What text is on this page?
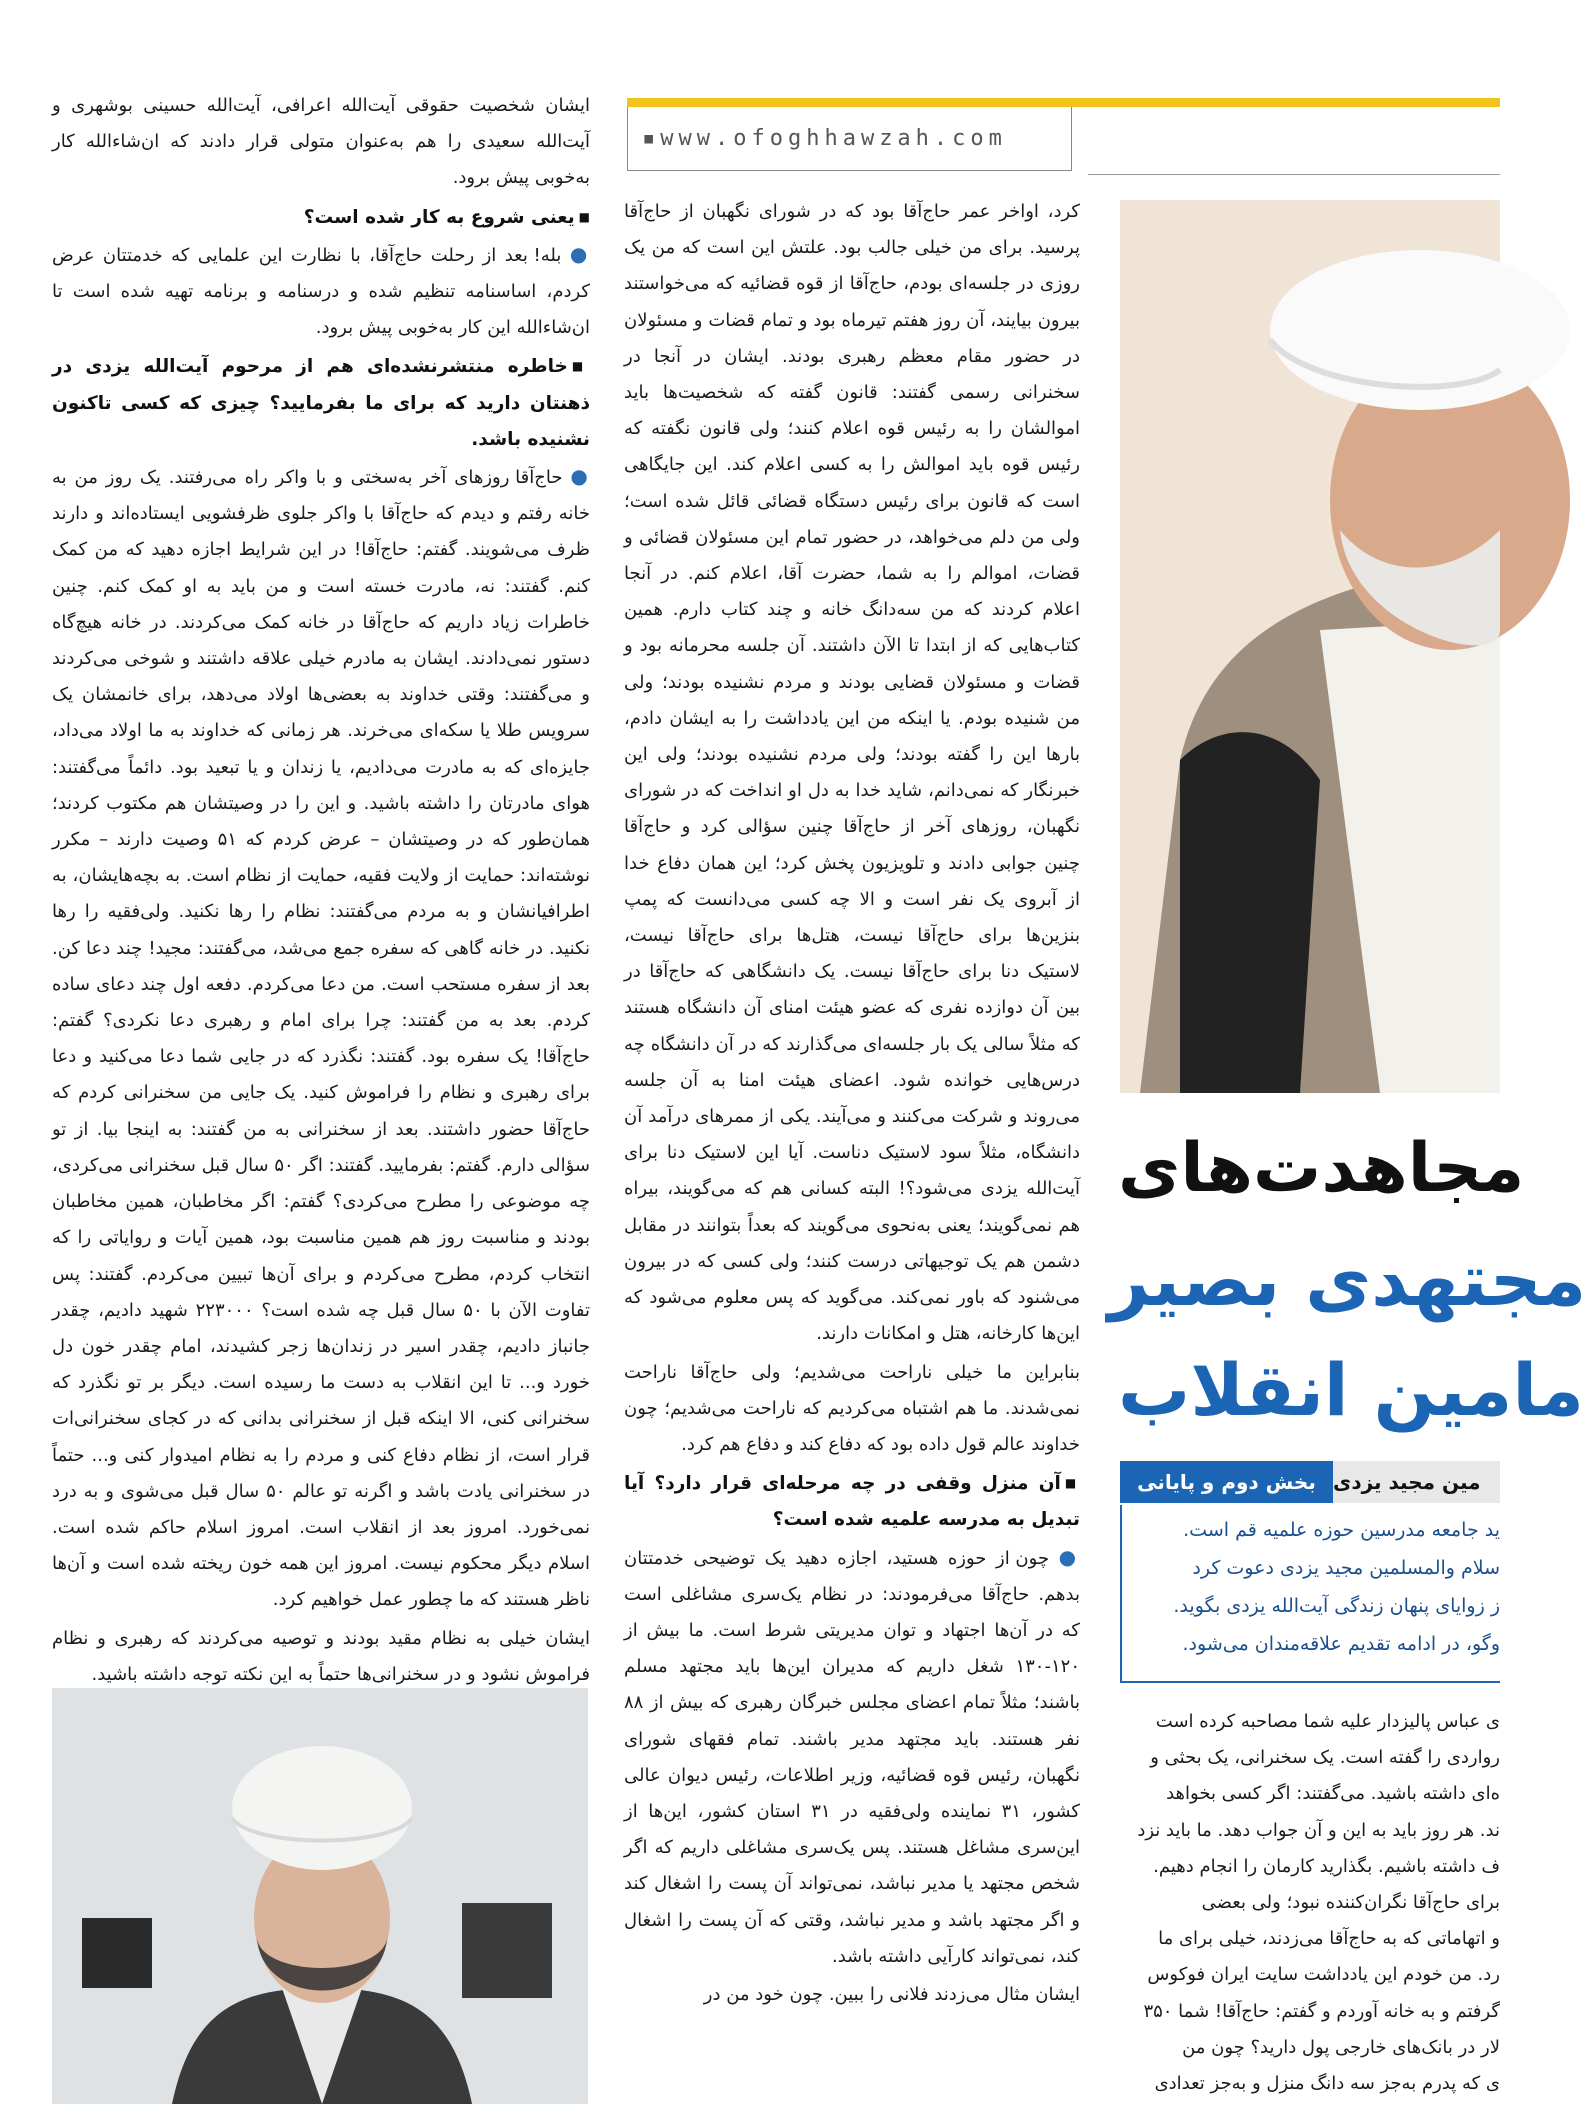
ایشان شخصیت حقوقی آیت‌الله اعرافی، آیت‌الله حسینی بوشهری و آیت‌الله سعیدی را هم به‌عنوان متولی قرار دادند که ان‌شاءالله کار به‌خوبی پیش برود.

■یعنی شروع به کار شده است؟

● بله! بعد از رحلت حاج‌آقا، با نظارت این علمایی که خدمتتان عرض کردم، اساسنامه تنظیم شده و درسنامه و برنامه تهیه شده است تا ان‌شاءالله این کار به‌خوبی پیش برود.

■خاطره منتشرنشده‌ای هم از مرحوم آیت‌الله یزدی در ذهنتان دارید که برای ما بفرمایید؟ چیزی که کسی تاکنون نشنیده باشد.

● حاج‌آقا روزهای آخر به‌سختی و با واکر راه می‌رفتند. یک روز من به خانه رفتم و دیدم که حاج‌آقا با واکر جلوی ظرفشویی ایستاده‌اند و دارند ظرف می‌شویند. گفتم: حاج‌آقا! در این شرایط اجازه دهید که من کمک کنم. گفتند: نه، مادرت خسته است و من باید به او کمک کنم. چنین خاطرات زیاد داریم که حاج‌آقا در خانه کمک می‌کردند. در خانه هیچ‌گاه دستور نمی‌دادند. ایشان به مادرم خیلی علاقه داشتند و شوخی می‌کردند و می‌گفتند: وقتی خداوند به بعضی‌ها اولاد می‌دهد، برای خانمشان یک سرویس طلا یا سکه‌ای می‌خرند. هر زمانی که خداوند به ما اولاد می‌داد، جایزه‌ای که به مادرت می‌دادیم، یا زندان و یا تبعید بود. دائماً می‌گفتند: هوای مادرتان را داشته باشید. و این را در وصیتشان هم مکتوب کردند؛ همان‌طور که در وصیتشان – عرض کردم که ۵۱ وصیت دارند – مکرر نوشته‌اند: حمایت از ولایت فقیه، حمایت از نظام است. به بچه‌هایشان، به اطرافیانشان و به مردم می‌گفتند: نظام را رها نکنید. ولی‌فقیه را رها نکنید. در خانه گاهی که سفره جمع می‌شد، می‌گفتند: مجید! چند دعا کن. بعد از سفره مستحب است. من دعا می‌کردم. دفعه اول چند دعای ساده کردم. بعد به من گفتند: چرا برای امام و رهبری دعا نکردی؟ گفتم: حاج‌آقا! یک سفره بود. گفتند: نگذرد که در جایی شما دعا می‌کنید و دعا برای رهبری و نظام را فراموش کنید. یک جایی من سخنرانی کردم که حاج‌آقا حضور داشتند. بعد از سخنرانی به من گفتند: به اینجا بیا. از تو سؤالی دارم. گفتم: بفرمایید. گفتند: اگر ۵۰ سال قبل سخنرانی می‌کردی، چه موضوعی را مطرح می‌کردی؟ گفتم: اگر مخاطبان، همین مخاطبان بودند و مناسبت روز هم همین مناسبت بود، همین آیات و روایاتی را که انتخاب کردم، مطرح می‌کردم و برای آن‌ها تبیین می‌کردم. گفتند: پس تفاوت الآن با ۵۰ سال قبل چه شده است؟ ۲۲۳۰۰۰ شهید دادیم، چقدر جانباز دادیم، چقدر اسیر در زندان‌ها زجر کشیدند، امام چقدر خون دل خورد و... تا این انقلاب به دست ما رسیده است. دیگر بر تو نگذرد که سخنرانی کنی، الا اینکه قبل از سخنرانی بدانی که در کجای سخنرانی‌ات قرار است، از نظام دفاع کنی و مردم را به نظام امیدوار کنی و... حتماً در سخنرانی یادت باشد و اگرنه تو عالم ۵۰ سال قبل می‌شوی و به درد نمی‌خورد. امروز بعد از انقلاب است. امروز اسلام حاکم شده است. اسلام دیگر محکوم نیست. امروز این همه خون ریخته شده است و آن‌ها ناظر هستند که ما چطور عمل خواهیم کرد.

ایشان خیلی به نظام مقید بودند و توصیه می‌کردند که رهبری و نظام فراموش نشود و در سخنرانی‌ها حتماً به این نکته توجه داشته باشید.

▪www.ofoghhawzah.com

کرد، اواخر عمر حاج‌آقا بود که در شورای نگهبان از حاج‌آقا پرسید. برای من خیلی جالب بود. علتش این است که من یک روزی در جلسه‌ای بودم، حاج‌آقا از قوه قضائیه که می‌خواستند بیرون بیایند، آن روز هفتم تیرماه بود و تمام قضات و مسئولان در حضور مقام معظم رهبری بودند. ایشان در آنجا در سخنرانی رسمی گفتند: قانون گفته که شخصیت‌ها باید اموالشان را به رئیس قوه اعلام کنند؛ ولی قانون نگفته که رئیس قوه باید اموالش را به کسی اعلام کند. این جایگاهی است که قانون برای رئیس دستگاه قضائی قائل شده است؛ ولی من دلم می‌خواهد، در حضور تمام این مسئولان قضائی و قضات، اموالم را به شما، حضرت آقا، اعلام کنم. در آنجا اعلام کردند که من سه‌دانگ خانه و چند کتاب دارم. همین کتاب‌هایی که از ابتدا تا الآن داشتند. آن جلسه محرمانه بود و قضات و مسئولان قضایی بودند و مردم نشنیده بودند؛ ولی من شنیده بودم. یا اینکه من این یادداشت را به ایشان دادم، بارها این را گفته بودند؛ ولی مردم نشنیده بودند؛ ولی این خبرنگار که نمی‌دانم، شاید خدا به دل او انداخت که در شورای نگهبان، روزهای آخر از حاج‌آقا چنین سؤالی کرد و حاج‌آقا چنین جوابی دادند و تلویزیون پخش کرد؛ این همان دفاع خدا از آبروی یک نفر است و الا چه کسی می‌دانست که پمپ بنزین‌ها برای حاج‌آقا نیست، هتل‌ها برای حاج‌آقا نیست، لاستیک دنا برای حاج‌آقا نیست. یک دانشگاهی که حاج‌آقا در بین آن دوازده نفری که عضو هیئت امنای آن دانشگاه هستند که مثلاً سالی یک بار جلسه‌ای می‌گذارند که در آن دانشگاه چه درس‌هایی خوانده شود. اعضای هیئت امنا به آن جلسه می‌روند و شرکت می‌کنند و می‌آیند. یکی از ممرهای درآمد آن دانشگاه، مثلاً سود لاستیک دناست. آیا این لاستیک دنا برای آیت‌الله یزدی می‌شود؟! البته کسانی هم که می‌گویند، بیراه هم نمی‌گویند؛ یعنی به‌نحوی می‌گویند که بعداً بتوانند در مقابل دشمن هم یک توجیهاتی درست کنند؛ ولی کسی که در بیرون می‌شنود که باور نمی‌کند. می‌گوید که پس معلوم می‌شود که این‌ها کارخانه، هتل و امکانات دارند.

بنابراین ما خیلی ناراحت می‌شدیم؛ ولی حاج‌آقا ناراحت نمی‌شدند. ما هم اشتباه می‌کردیم که ناراحت می‌شدیم؛ چون خداوند عالم قول داده بود که دفاع کند و دفاع هم کرد.

■آن منزل وقفی در چه مرحله‌ای قرار دارد؟ آیا تبدیل به مدرسه علمیه شده است؟

● چون از حوزه هستید، اجازه دهید یک توضیحی خدمتتان بدهم. حاج‌آقا می‌فرمودند: در نظام یک‌سری مشاغلی است که در آن‌ها اجتهاد و توان مدیریتی شرط است. ما بیش از ۱۲۰-۱۳۰ شغل داریم که مدیران این‌ها باید مجتهد مسلم باشند؛ مثلاً تمام اعضای مجلس خبرگان رهبری که بیش از ۸۸ نفر هستند. باید مجتهد مدیر باشند. تمام فقهای شورای نگهبان، رئیس قوه قضائیه، وزیر اطلاعات، رئیس دیوان عالی کشور، ۳۱ نماینده ولی‌فقیه در ۳۱ استان کشور، این‌ها از این‌سری مشاغل هستند. پس یک‌سری مشاغلی داریم که اگر شخص مجتهد یا مدیر نباشد، نمی‌تواند آن پست را اشغال کند و اگر مجتهد باشد و مدیر نباشد، وقتی که آن پست را اشغال کند، نمی‌تواند کارآیی داشته باشد.

ایشان مثال می‌زدند فلانی را ببین. چون خود من در

مجاهدت‌های
مجتهدی بصیر
مامین انقلاب
بخش دوم و پایانی مین مجید یزدی

ید جامعه مدرسین حوزه علمیه قم است.

سلام والمسلمین مجید یزدی دعوت کرد

ز زوایای پنهان زندگی آیت‌الله یزدی بگوید.

وگو، در ادامه تقدیم علاقه‌مندان می‌شود.

ی عباس پالیزدار علیه شما مصاحبه کرده است

رواردی را گفته است. یک سخنرانی، یک بحثی و

ه‌ای داشته باشید. می‌گفتند: اگر کسی بخواهد

ند. هر روز باید به این و آن جواب دهد. ما باید نزد

ف داشته باشیم. بگذارید کارمان را انجام دهیم.

برای حاج‌آقا نگران‌کننده نبود؛ ولی بعضی

و اتهاماتی که به حاج‌آقا می‌زدند، خیلی برای ما

رد. من خودم این یادداشت سایت ایران فوکوس

گرفتم و به خانه آوردم و گفتم: حاج‌آقا! شما ۳۵۰

لار در بانک‌های خارجی پول دارید؟ چون من

ی که پدرم به‌جز سه دانگ منزل و به‌جز تعدادی
